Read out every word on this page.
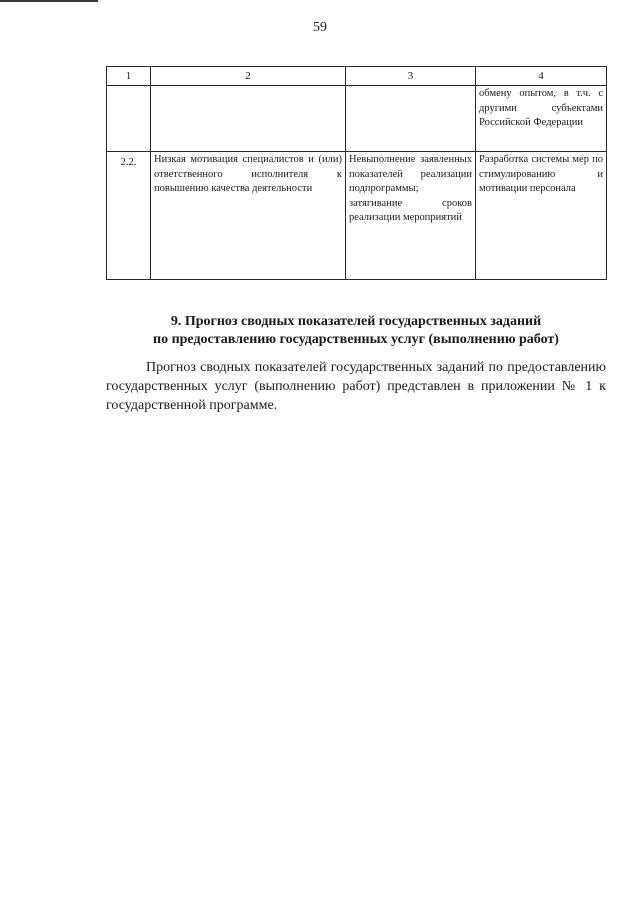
59
1	2	3	4
			обмену опытом, в т.ч. с другими субъектами Российской Федерации
2.2.	Низкая мотивация специалистов и (или) ответственного исполнителя к повышению качества деятельности	Невыполнение заявленных показателей реализации подпрограммы; затягивание сроков реализации мероприятий	Разработка системы мер по стимулированию и мотивации персонала
9. Прогноз сводных показателей государственных заданий
по предоставлению государственных услуг (выполнению работ)

Прогноз сводных показателей государственных заданий по предоставлению государственных услуг (выполнению работ) представлен в приложении № 1 к государственной программе.
